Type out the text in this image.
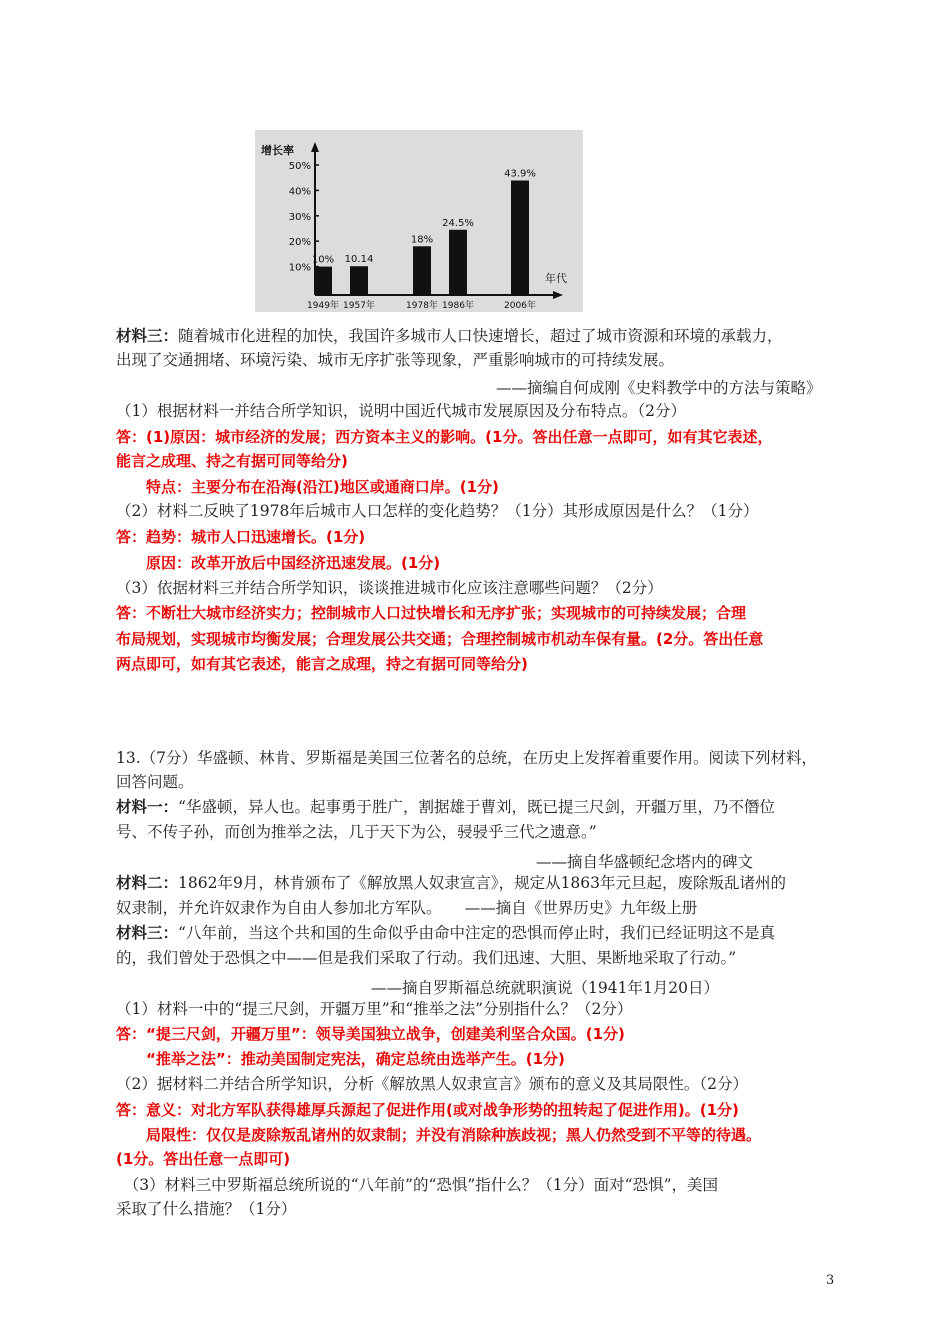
增长率
年代
10%
20%
30%
40%
50%
10%
1949年
10.14
1957年
18%
1978年
24.5%
1986年
43.9%
2006年
材料三：随着城市化进程的加快，我国许多城市人口快速增长，超过了城市资源和环境的承载力，
出现了交通拥堵、环境污染、城市无序扩张等现象，严重影响城市的可持续发展。
（1）根据材料一并结合所学知识，说明中国近代城市发展原因及分布特点。（2分）
答：(1)原因：城市经济的发展；西方资本主义的影响。(1分。答出任意一点即可，如有其它表述，
能言之成理、持之有据可同等给分)
　　特点：主要分布在沿海(沿江)地区或通商口岸。(1分)
（2）材料二反映了1978年后城市人口怎样的变化趋势？（1分）其形成原因是什么？（1分）
答：趋势：城市人口迅速增长。(1分)
　　原因：改革开放后中国经济迅速发展。(1分)
（3）依据材料三并结合所学知识，谈谈推进城市化应该注意哪些问题？（2分）
答：不断壮大城市经济实力；控制城市人口过快增长和无序扩张；实现城市的可持续发展；合理
布局规划，实现城市均衡发展；合理发展公共交通；合理控制城市机动车保有量。(2分。答出任意
两点即可，如有其它表述，能言之成理，持之有据可同等给分)
13.（7分）华盛顿、林肯、罗斯福是美国三位著名的总统，在历史上发挥着重要作用。阅读下列材料，
回答问题。
材料一：“华盛顿，异人也。起事勇于胜广，割据雄于曹刘，既已提三尺剑，开疆万里，乃不僭位
号、不传子孙，而创为推举之法，几于天下为公，骎骎乎三代之遗意。”
材料二：1862年9月，林肯颁布了《解放黑人奴隶宣言》，规定从1863年元旦起，废除叛乱诸州的
奴隶制，并允许奴隶作为自由人参加北方军队。　　——摘自《世界历史》九年级上册
材料三：“八年前，当这个共和国的生命似乎由命中注定的恐惧而停止时，我们已经证明这不是真
的，我们曾处于恐惧之中——但是我们采取了行动。我们迅速、大胆、果断地采取了行动。”
（1）材料一中的“提三尺剑，开疆万里”和“推举之法”分别指什么？（2分）
答：“提三尺剑，开疆万里”：领导美国独立战争，创建美利坚合众国。(1分)
　　“推举之法”：推动美国制定宪法，确定总统由选举产生。(1分)
（2）据材料二并结合所学知识，分析《解放黑人奴隶宣言》颁布的意义及其局限性。（2分）
答：意义：对北方军队获得雄厚兵源起了促进作用(或对战争形势的扭转起了促进作用)。(1分)
　　局限性：仅仅是废除叛乱诸州的奴隶制；并没有消除种族歧视；黑人仍然受到不平等的待遇。
(1分。答出任意一点即可)
　（3）材料三中罗斯福总统所说的“八年前”的“恐惧”指什么？（1分）面对“恐惧”，美国
采取了什么措施？（1分）
——摘编自何成刚《史料教学中的方法与策略》
——摘自华盛顿纪念塔内的碑文
——摘自罗斯福总统就职演说（1941年1月20日）
3
